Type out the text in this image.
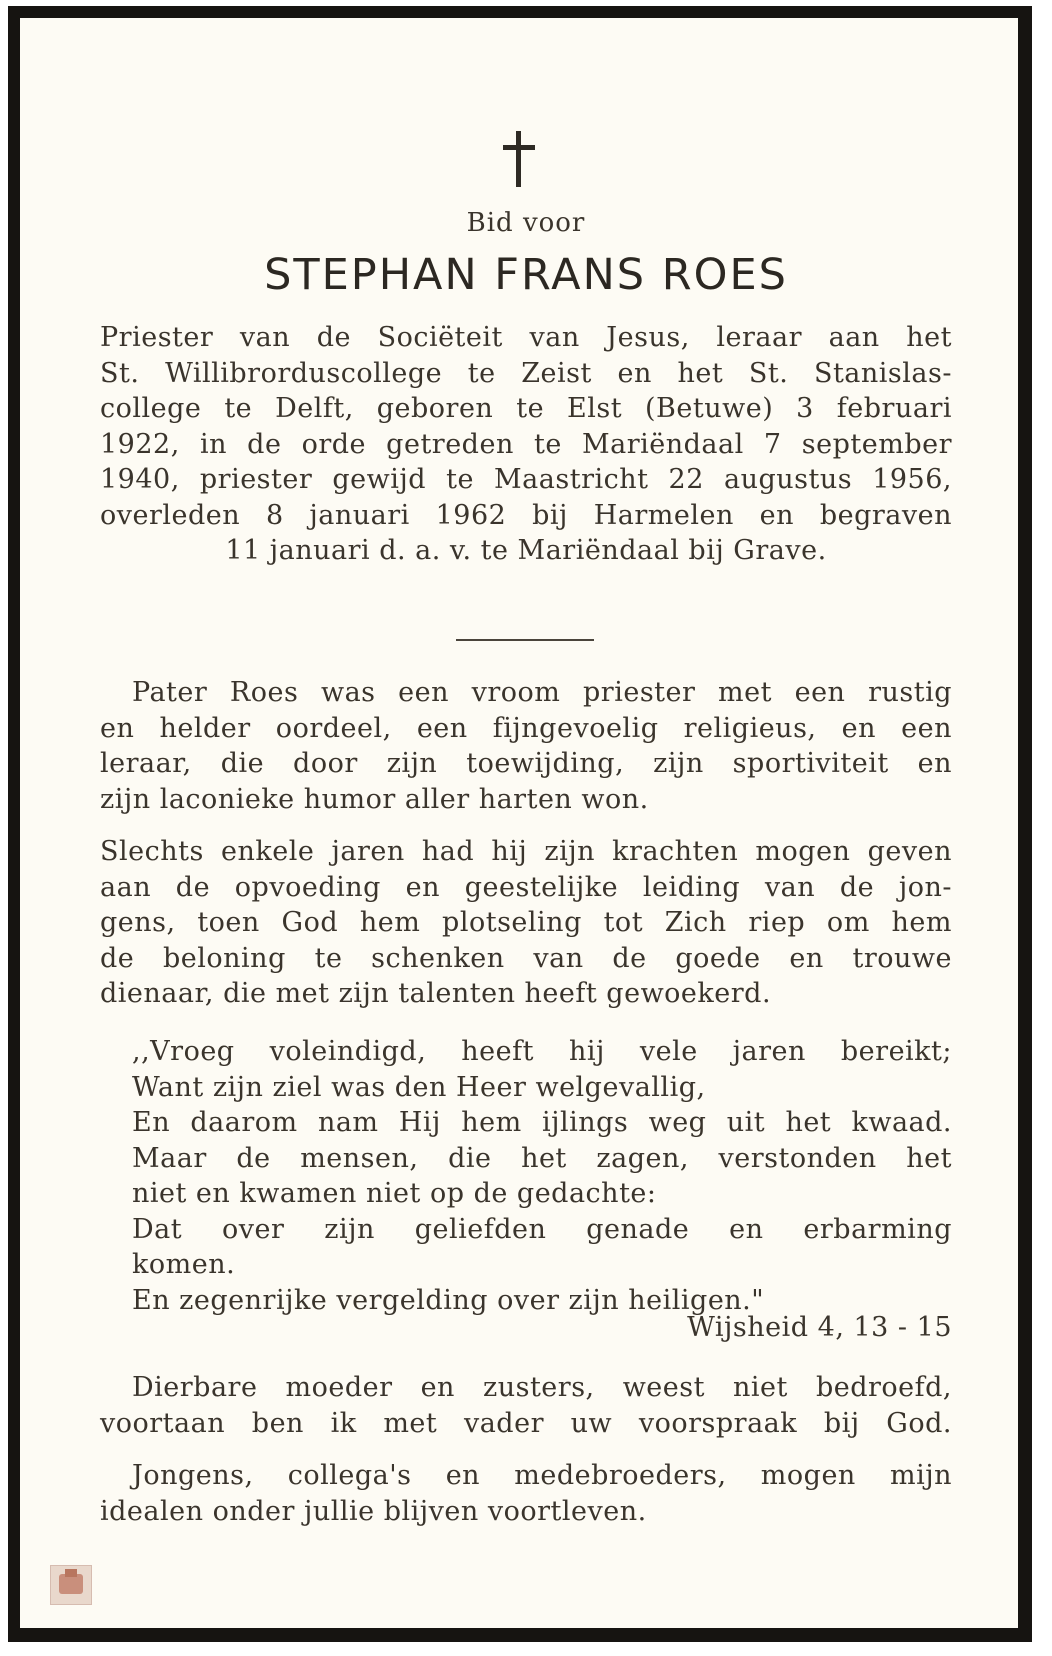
Bid voor
STEPHAN FRANS ROES
Priester van de Sociëteit van Jesus, leraar aan het
St. Willibrorduscollege te Zeist en het St. Stanislas-
college te Delft, geboren te Elst (Betuwe) 3 februari
1922, in de orde getreden te Mariëndaal 7 september
1940, priester gewijd te Maastricht 22 augustus 1956,
overleden 8 januari 1962 bij Harmelen en begraven
11 januari d. a. v. te Mariëndaal bij Grave.
Pater Roes was een vroom priester met een rustig
en helder oordeel, een fijngevoelig religieus, en een
leraar, die door zijn toewijding, zijn sportiviteit en
zijn laconieke humor aller harten won.
Slechts enkele jaren had hij zijn krachten mogen geven
aan de opvoeding en geestelijke leiding van de jon-
gens, toen God hem plotseling tot Zich riep om hem
de beloning te schenken van de goede en trouwe
dienaar, die met zijn talenten heeft gewoekerd.
,,Vroeg voleindigd, heeft hij vele jaren bereikt;
Want zijn ziel was den Heer welgevallig,
En daarom nam Hij hem ijlings weg uit het kwaad.
Maar de mensen, die het zagen, verstonden het
niet en kwamen niet op de gedachte:
Dat over zijn geliefden genade en erbarming
komen.
En zegenrijke vergelding over zijn heiligen."
Wijsheid 4, 13 - 15
Dierbare moeder en zusters, weest niet bedroefd,
voortaan ben ik met vader uw voorspraak bij God.
Jongens, collega's en medebroeders, mogen mijn
idealen onder jullie blijven voortleven.
